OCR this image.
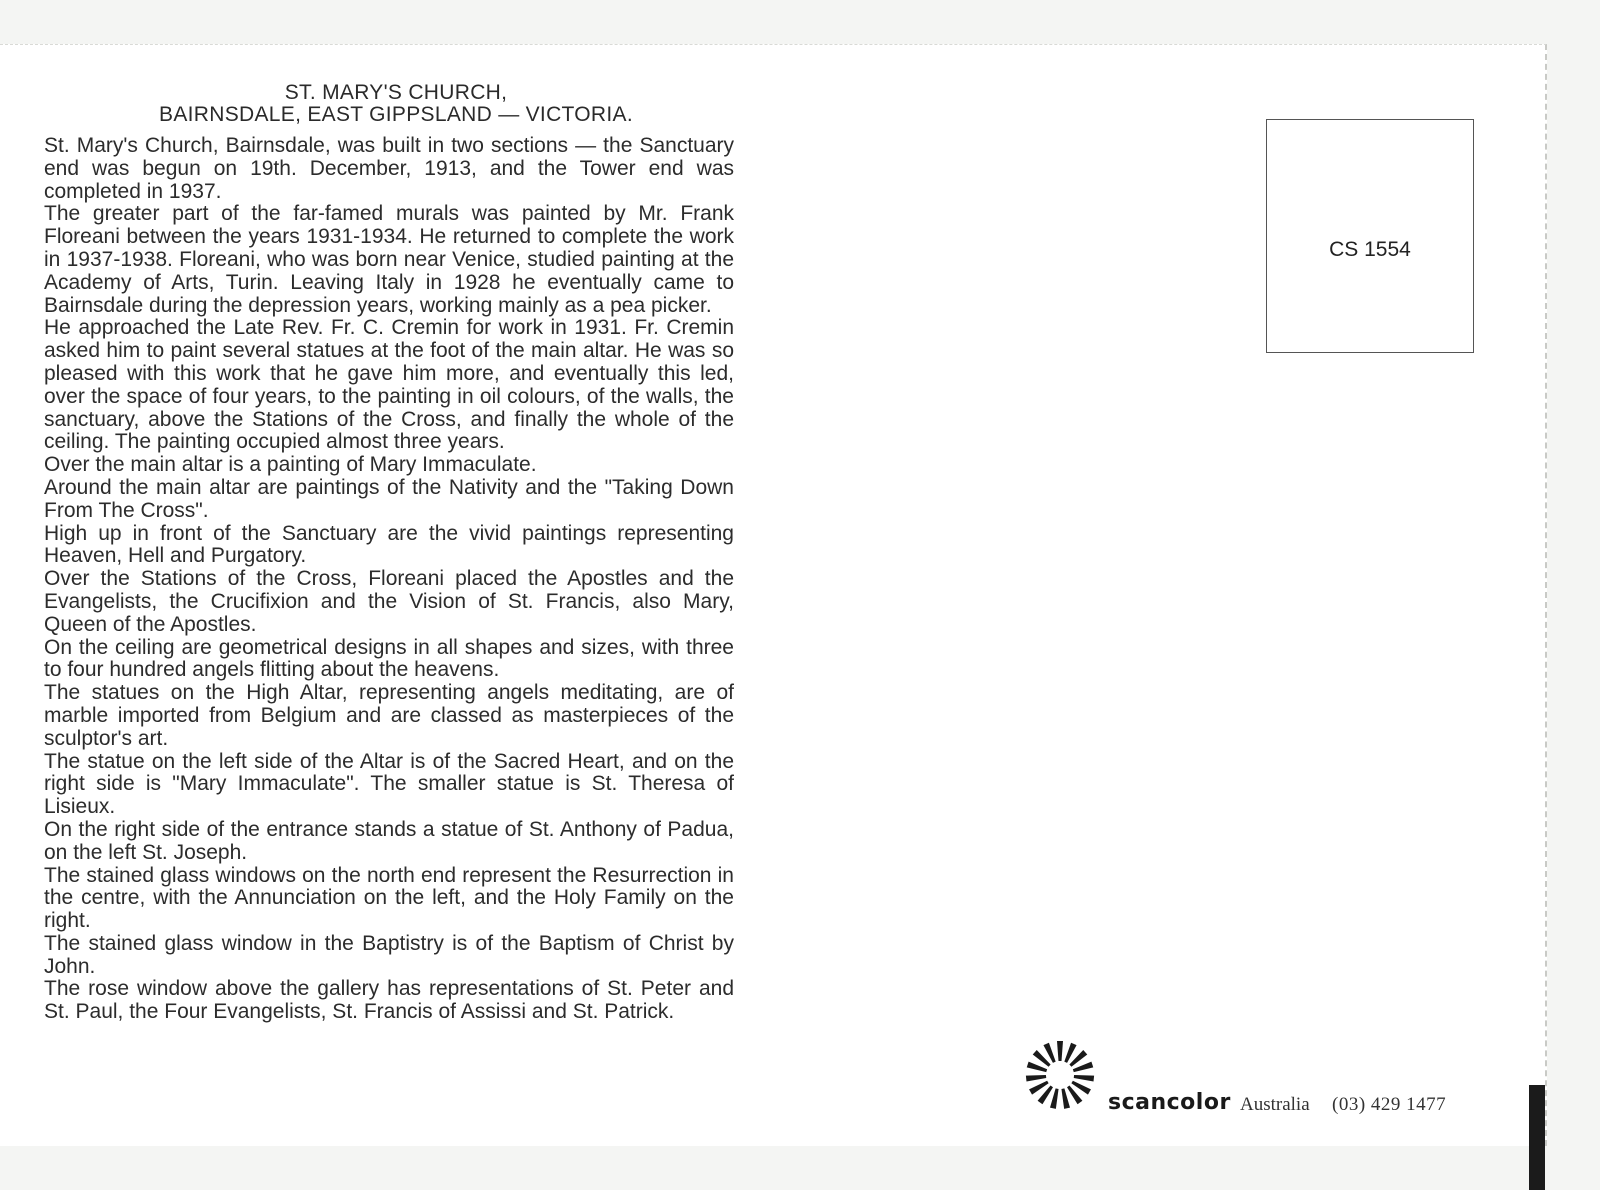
ST. MARY'S CHURCH,
BAIRNSDALE, EAST GIPPSLAND — VICTORIA.

St. Mary's Church, Bairnsdale, was built in two sections — the Sanctuary end was begun on 19th. December, 1913, and the Tower end was completed in 1937.

The greater part of the far-famed murals was painted by Mr. Frank Floreani between the years 1931-1934. He returned to complete the work in 1937-1938. Floreani, who was born near Venice, studied painting at the Academy of Arts, Turin. Leaving Italy in 1928 he eventually came to Bairnsdale during the depression years, working mainly as a pea picker.

He approached the Late Rev. Fr. C. Cremin for work in 1931. Fr. Cremin asked him to paint several statues at the foot of the main altar. He was so pleased with this work that he gave him more, and eventually this led, over the space of four years, to the painting in oil colours, of the walls, the sanctuary, above the Stations of the Cross, and finally the whole of the ceiling. The painting occupied almost three years.

Over the main altar is a painting of Mary Immaculate.

Around the main altar are paintings of the Nativity and the "Taking Down From The Cross".

High up in front of the Sanctuary are the vivid paintings representing Heaven, Hell and Purgatory.

Over the Stations of the Cross, Floreani placed the Apostles and the Evangelists, the Crucifixion and the Vision of St. Francis, also Mary, Queen of the Apostles.

On the ceiling are geometrical designs in all shapes and sizes, with three to four hundred angels flitting about the heavens.

The statues on the High Altar, representing angels meditating, are of marble imported from Belgium and are classed as masterpieces of the sculptor's art.

The statue on the left side of the Altar is of the Sacred Heart, and on the right side is "Mary Immaculate". The smaller statue is St. Theresa of Lisieux.

On the right side of the entrance stands a statue of St. Anthony of Padua, on the left St. Joseph.

The stained glass windows on the north end represent the Resurrection in the centre, with the Annunciation on the left, and the Holy Family on the right.

The stained glass window in the Baptistry is of the Baptism of Christ by John.

The rose window above the gallery has representations of St. Peter and St. Paul, the Four Evangelists, St. Francis of Assissi and St. Patrick.

CS 1554
scancolor Australia (03) 429 1477
